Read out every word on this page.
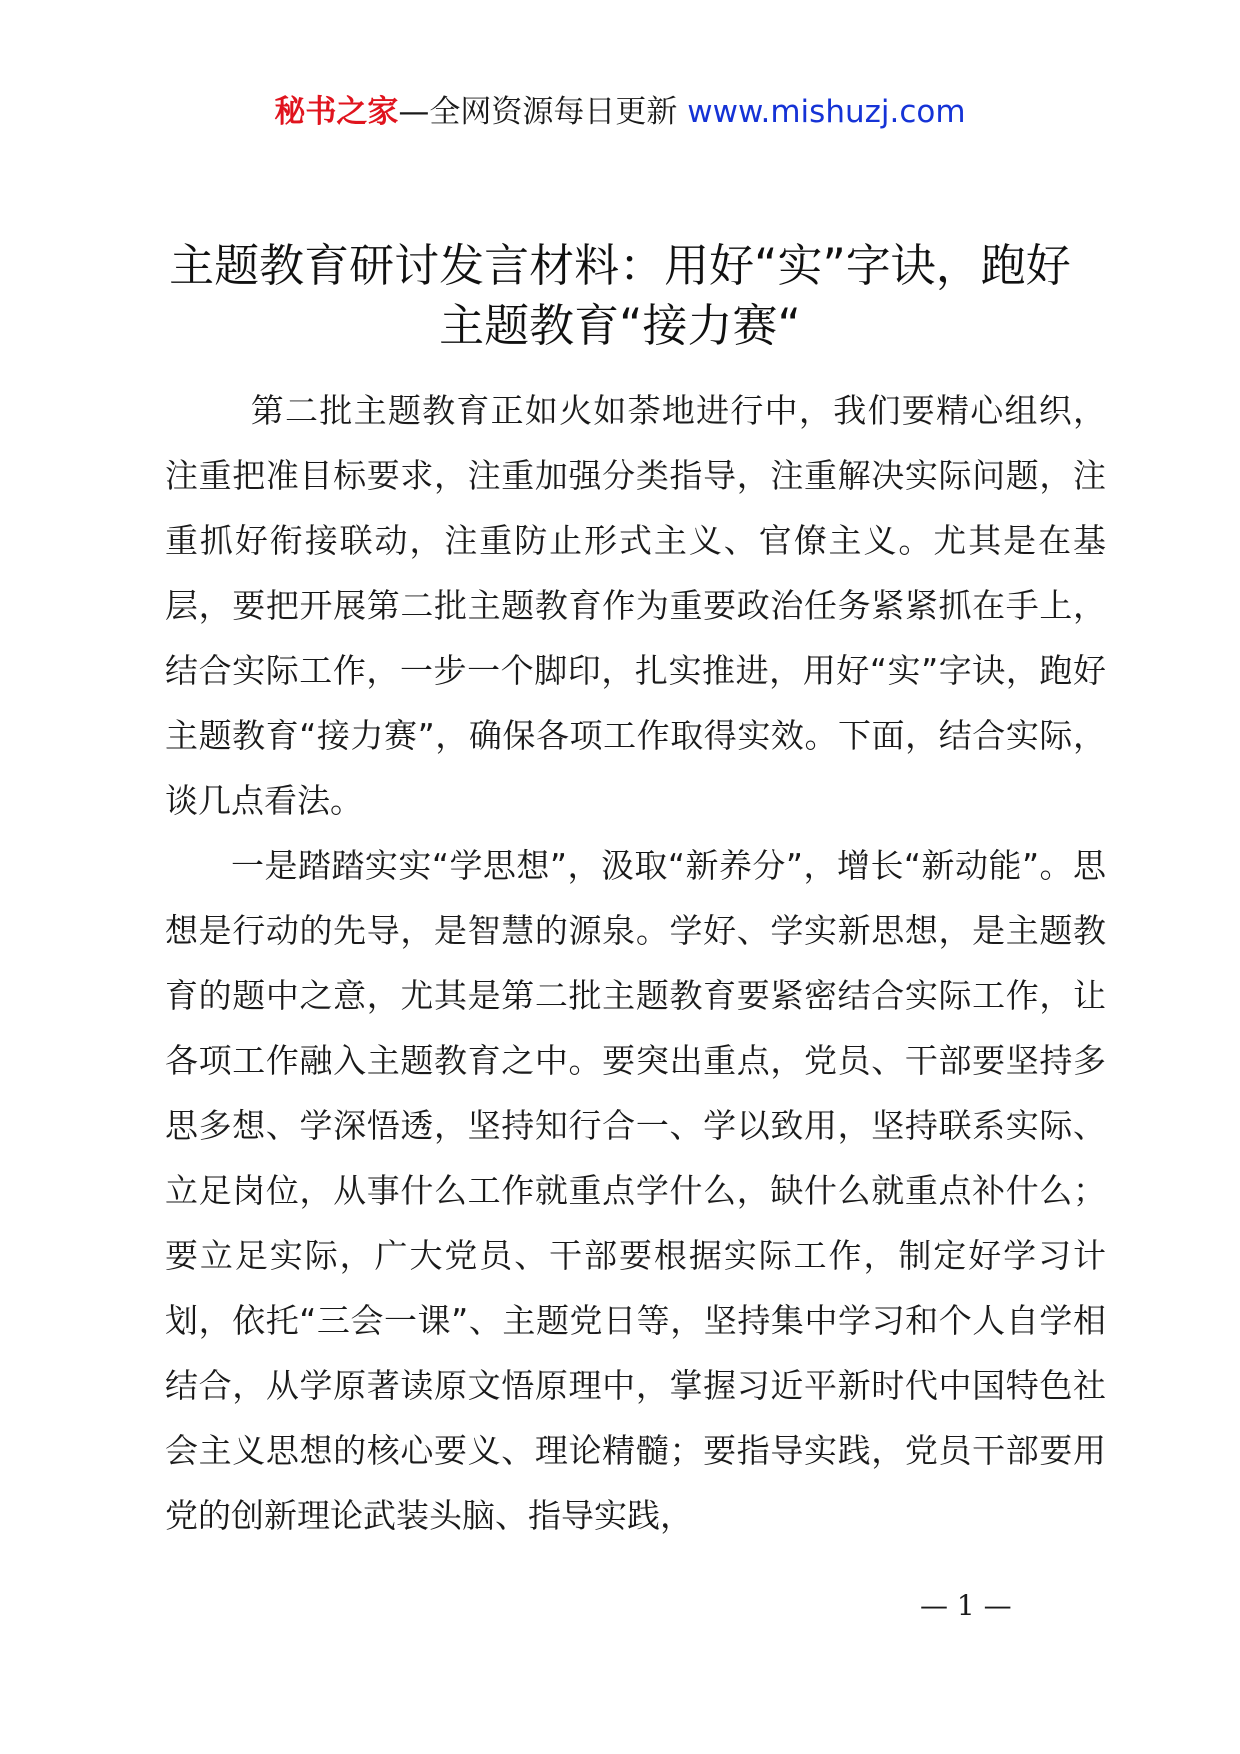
秘书之家—全网资源每日更新 www.mishuzj.com
主题教育研讨发言材料：用好“实”字诀，跑好主题教育“接力赛“

第二批主题教育正如火如荼地进行中，我们要精心组织，注重把准目标要求，注重加强分类指导，注重解决实际问题，注重抓好衔接联动，注重防止形式主义、官僚主义。尤其是在基层，要把开展第二批主题教育作为重要政治任务紧紧抓在手上，结合实际工作，一步一个脚印，扎实推进，用好“实”字诀，跑好主题教育“接力赛”，确保各项工作取得实效。下面，结合实际，谈几点看法。

一是踏踏实实“学思想”，汲取“新养分”，增长“新动能”。思想是行动的先导，是智慧的源泉。学好、学实新思想，是主题教育的题中之意，尤其是第二批主题教育要紧密结合实际工作，让各项工作融入主题教育之中。要突出重点，党员、干部要坚持多思多想、学深悟透，坚持知行合一、学以致用，坚持联系实际、立足岗位，从事什么工作就重点学什么，缺什么就重点补什么；要立足实际，广大党员、干部要根据实际工作，制定好学习计划，依托“三会一课”、主题党日等，坚持集中学习和个人自学相结合，从学原著读原文悟原理中，掌握习近平新时代中国特色社会主义思想的核心要义、理论精髓；要指导实践，党员干部要用党的创新理论武装头脑、指导实践，

— 1 —
